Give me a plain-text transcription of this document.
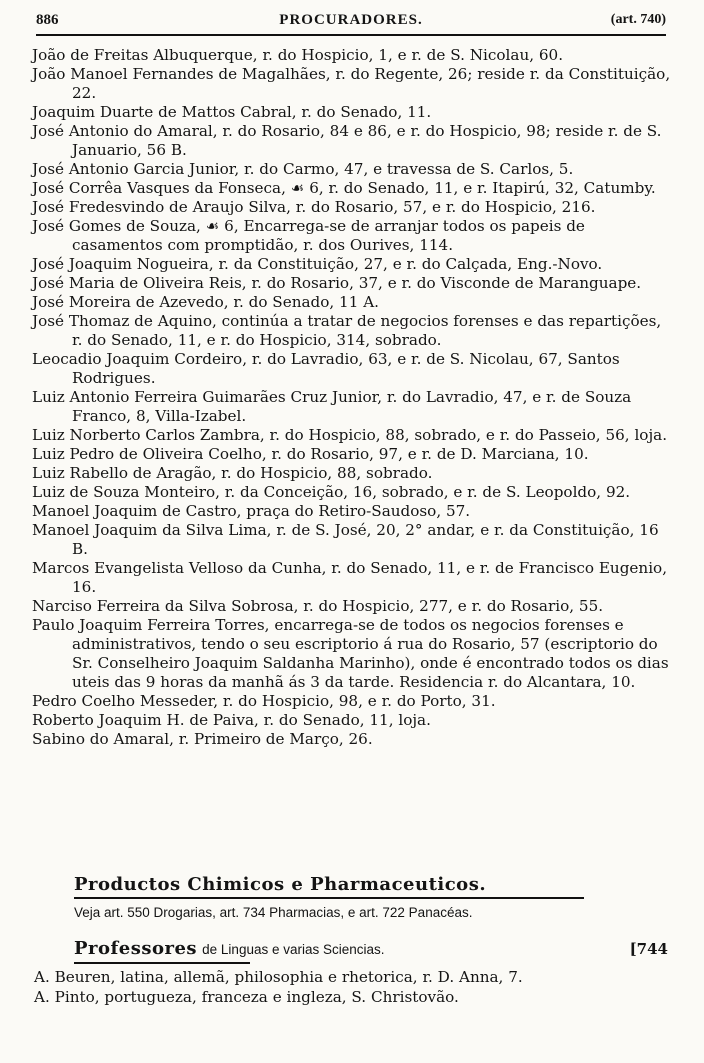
886	PROCURADORES.	(art. 740)

João de Freitas Albuquerque, r. do Hospicio, 1, e r. de S. Nicolau, 60.

João Manoel Fernandes de Magalhães, r. do Regente, 26; reside r. da Constituição, 22.

Joaquim Duarte de Mattos Cabral, r. do Senado, 11.

José Antonio do Amaral, r. do Rosario, 84 e 86, e r. do Hospicio, 98; reside r. de S. Januario, 56 B.

José Antonio Garcia Junior, r. do Carmo, 47, e travessa de S. Carlos, 5.

José Corrêa Vasques da Fonseca, ☙ 6, r. do Senado, 11, e r. Itapirú, 32, Catumby.

José Fredesvindo de Araujo Silva, r. do Rosario, 57, e r. do Hospicio, 216.

José Gomes de Souza, ☙ 6, Encarrega-se de arranjar todos os papeis de casamentos com promptidão, r. dos Ourives, 114.

José Joaquim Nogueira, r. da Constituição, 27, e r. do Calçada, Eng.-Novo.

José Maria de Oliveira Reis, r. do Rosario, 37, e r. do Visconde de Maranguape.

José Moreira de Azevedo, r. do Senado, 11 A.

José Thomaz de Aquino, continúa a tratar de negocios forenses e das repartições, r. do Senado, 11, e r. do Hospicio, 314, sobrado.

Leocadio Joaquim Cordeiro, r. do Lavradio, 63, e r. de S. Nicolau, 67, Santos Rodrigues.

Luiz Antonio Ferreira Guimarães Cruz Junior, r. do Lavradio, 47, e r. de Souza Franco, 8, Villa-Izabel.

Luiz Norberto Carlos Zambra, r. do Hospicio, 88, sobrado, e r. do Passeio, 56, loja.

Luiz Pedro de Oliveira Coelho, r. do Rosario, 97, e r. de D. Marciana, 10.

Luiz Rabello de Aragão, r. do Hospicio, 88, sobrado.

Luiz de Souza Monteiro, r. da Conceição, 16, sobrado, e r. de S. Leopoldo, 92.

Manoel Joaquim de Castro, praça do Retiro-Saudoso, 57.

Manoel Joaquim da Silva Lima, r. de S. José, 20, 2° andar, e r. da Constituição, 16 B.

Marcos Evangelista Velloso da Cunha, r. do Senado, 11, e r. de Francisco Eugenio, 16.

Narciso Ferreira da Silva Sobrosa, r. do Hospicio, 277, e r. do Rosario, 55.

Paulo Joaquim Ferreira Torres, encarrega-se de todos os negocios forenses e administrativos, tendo o seu escriptorio á rua do Rosario, 57 (escriptorio do Sr. Conselheiro Joaquim Saldanha Marinho), onde é encontrado todos os dias uteis das 9 horas da manhã ás 3 da tarde. Residencia r. do Alcantara, 10.

Pedro Coelho Messeder, r. do Hospicio, 98, e r. do Porto, 31.

Roberto Joaquim H. de Paiva, r. do Senado, 11, loja.

Sabino do Amaral, r. Primeiro de Março, 26.

Productos Chimicos e Pharmaceuticos.
Veja art. 550 Drogarias, art. 734 Pharmacias, e art. 722 Panacéas.
Professores de Linguas e varias Sciencias.	[744
A. Beuren, latina, allemã, philosophia e rhetorica, r. D. Anna, 7.
A. Pinto, portugueza, franceza e ingleza, S. Christovão.
